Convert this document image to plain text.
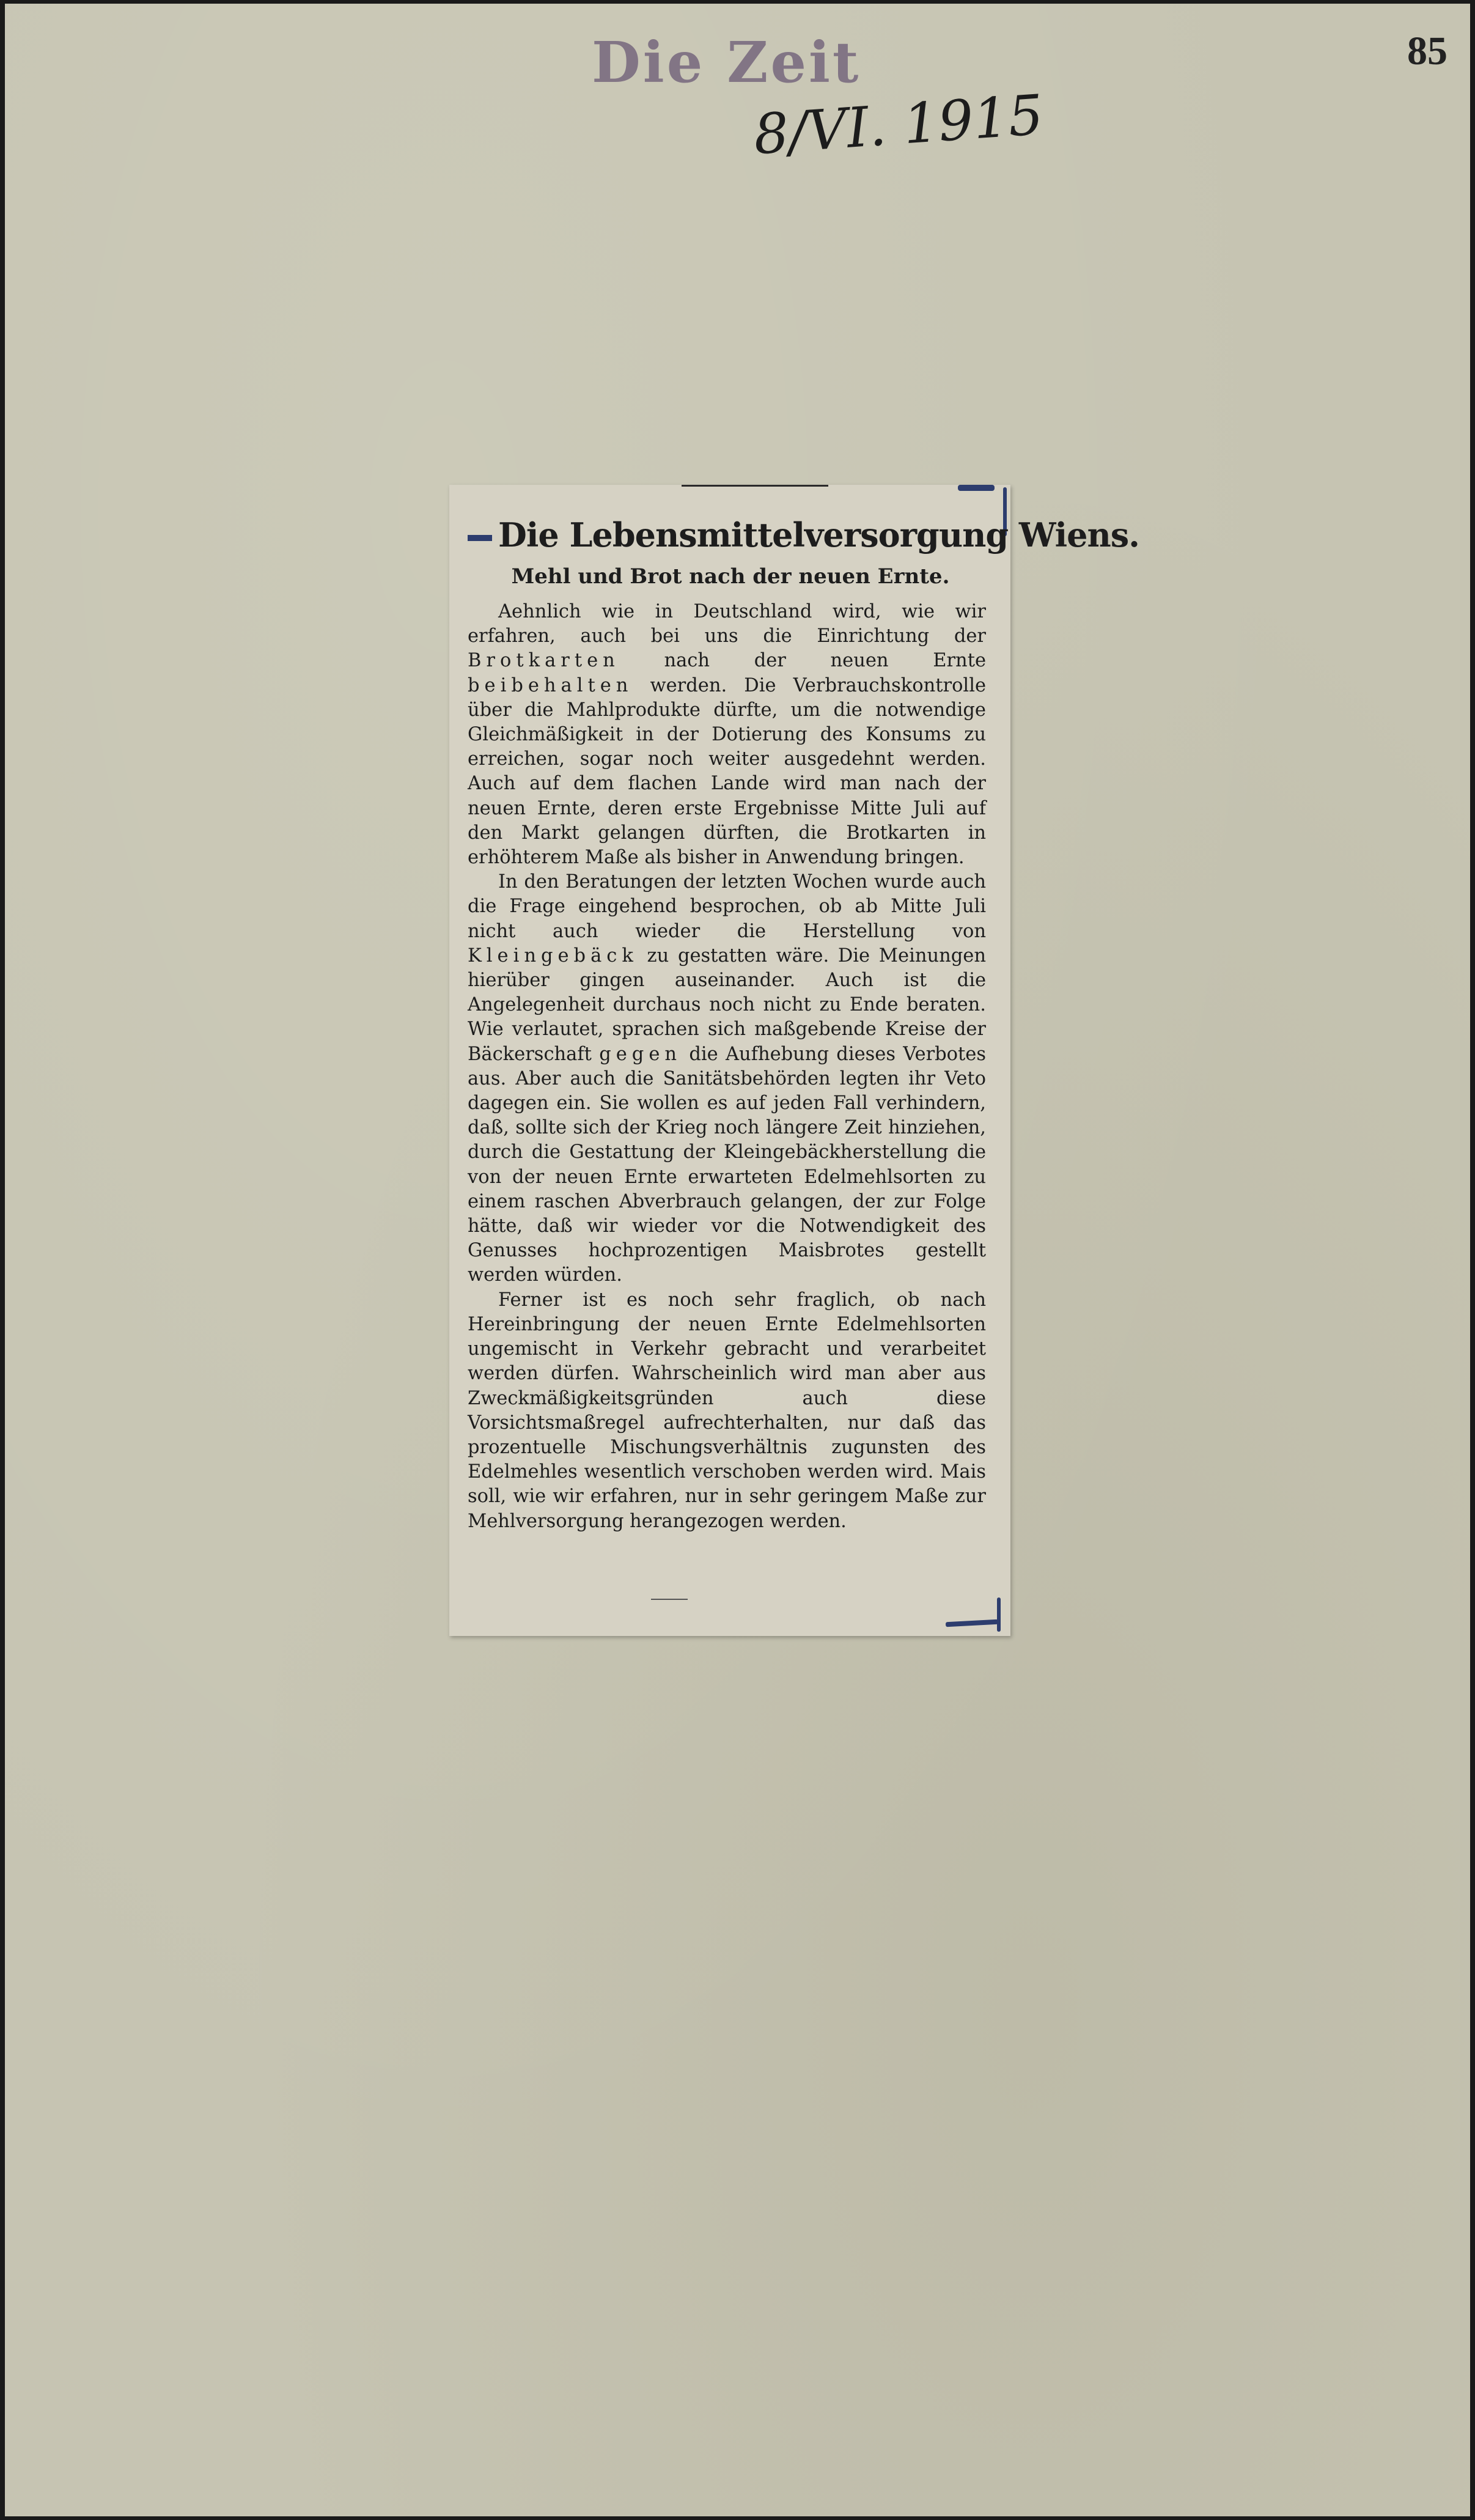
Die Zeit	85
8/VI. 1915
Die Lebensmittelversorgung Wiens.
Mehl und Brot nach der neuen Ernte.

Aehnlich wie in Deutschland wird, wie wir erfahren, auch bei uns die Einrichtung der Brotkarten nach der neuen Ernte beibehalten werden. Die Verbrauchskontrolle über die Mahlprodukte dürfte, um die notwendige Gleichmäßigkeit in der Dotierung des Konsums zu erreichen, sogar noch weiter ausgedehnt werden. Auch auf dem flachen Lande wird man nach der neuen Ernte, deren erste Ergebnisse Mitte Juli auf den Markt gelangen dürften, die Brotkarten in erhöhterem Maße als bisher in Anwendung bringen.

In den Beratungen der letzten Wochen wurde auch die Frage eingehend besprochen, ob ab Mitte Juli nicht auch wieder die Herstellung von Kleingebäck zu gestatten wäre. Die Meinungen hierüber gingen auseinander. Auch ist die Angelegenheit durchaus noch nicht zu Ende beraten. Wie verlautet, sprachen sich maßgebende Kreise der Bäckerschaft gegen die Aufhebung dieses Verbotes aus. Aber auch die Sanitätsbehörden legten ihr Veto dagegen ein. Sie wollen es auf jeden Fall verhindern, daß, sollte sich der Krieg noch längere Zeit hinziehen, durch die Gestattung der Kleingebäckherstellung die von der neuen Ernte erwarteten Edelmehlsorten zu einem raschen Abverbrauch gelangen, der zur Folge hätte, daß wir wieder vor die Notwendigkeit des Genusses hochprozentigen Maisbrotes gestellt werden würden.

Ferner ist es noch sehr fraglich, ob nach Hereinbringung der neuen Ernte Edelmehlsorten ungemischt in Verkehr gebracht und verarbeitet werden dürfen. Wahrscheinlich wird man aber aus Zweckmäßigkeitsgründen auch diese Vorsichtsmaßregel aufrechterhalten, nur daß das prozentuelle Mischungsverhältnis zugunsten des Edelmehles wesentlich verschoben werden wird. Mais soll, wie wir erfahren, nur in sehr geringem Maße zur Mehlversorgung herangezogen werden.
